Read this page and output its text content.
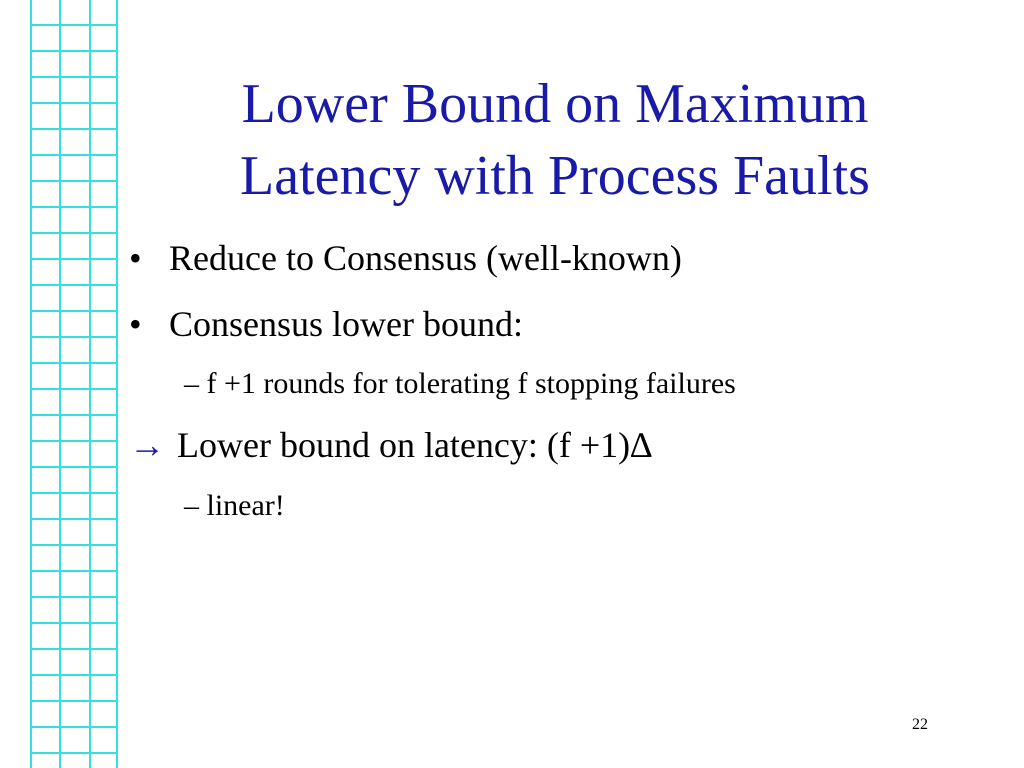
Lower Bound on Maximum
Latency with Process Faults
• Reduce to Consensus (well-known)
• Consensus lower bound:
– f +1 rounds for tolerating f stopping failures
→ Lower bound on latency: (f +1)∆
– linear!
22
